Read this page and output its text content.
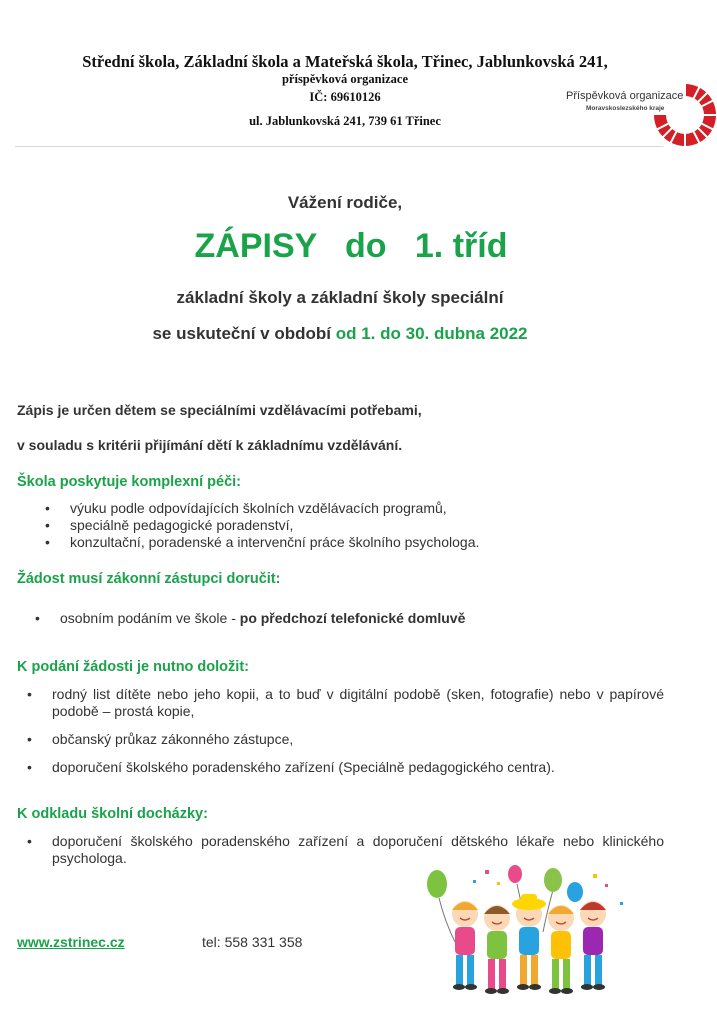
Střední škola, Základní škola a Mateřská škola, Třinec, Jablunkovská 241,
příspěvková organizace
IČ: 69610126
ul. Jablunkovská 241, 739 61 Třinec
Příspěvková organizace
Moravskoslezského kraje
Vážení rodiče,
ZÁPISY   do   1. tříd
základní školy a základní školy speciální
se uskuteční v období od 1. do 30. dubna 2022
Zápis je určen dětem se speciálními vzdělávacími potřebami,
v souladu s kritérii přijímání dětí k základnímu vzdělávání.
Škola poskytuje komplexní péči:
• výuku podle odpovídajících školních vzdělávacích programů,
• speciálně pedagogické poradenství,
• konzultační, poradenské a intervenční práce školního psychologa.
Žádost musí zákonní zástupci doručit:
• osobním podáním ve škole - po předchozí telefonické domluvě
K podání žádosti je nutno doložit:
• rodný list dítěte nebo jeho kopii, a to buď v digitální podobě (sken, fotografie) nebo v papírové podobě – prostá kopie,
• občanský průkaz zákonného zástupce,
• doporučení školského poradenského zařízení (Speciálně pedagogického centra).
K odkladu školní docházky:
• doporučení školského poradenského zařízení a doporučení dětského lékaře nebo klinického psychologa.
www.zstrinec.cz	tel: 558 331 358
